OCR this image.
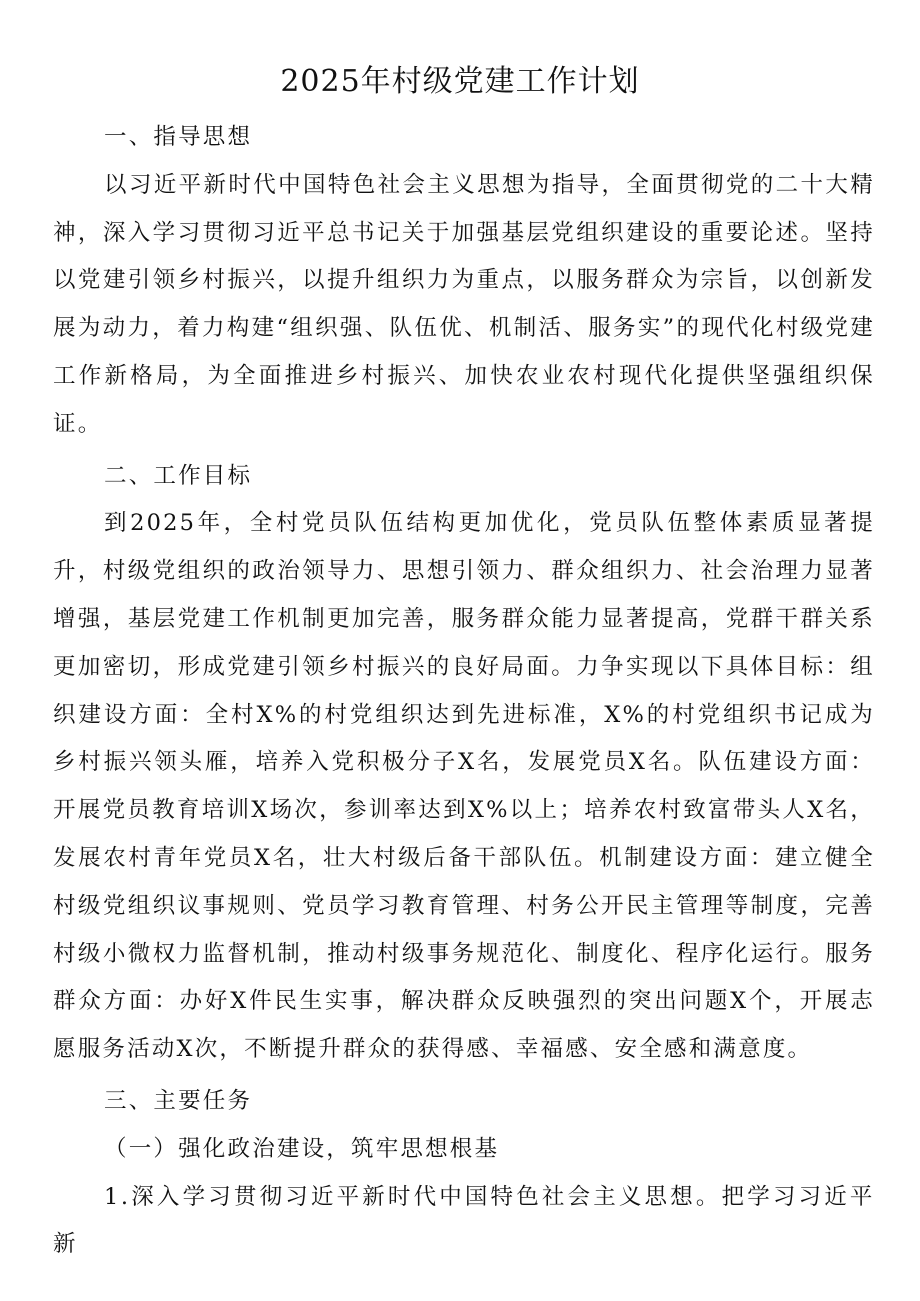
2025年村级党建工作计划

一、指导思想

以习近平新时代中国特色社会主义思想为指导，全面贯彻党的二十大精神，深入学习贯彻习近平总书记关于加强基层党组织建设的重要论述。坚持以党建引领乡村振兴，以提升组织力为重点，以服务群众为宗旨，以创新发展为动力，着力构建“组织强、队伍优、机制活、服务实”的现代化村级党建工作新格局，为全面推进乡村振兴、加快农业农村现代化提供坚强组织保证。

二、工作目标

到2025年，全村党员队伍结构更加优化，党员队伍整体素质显著提升，村级党组织的政治领导力、思想引领力、群众组织力、社会治理力显著增强，基层党建工作机制更加完善，服务群众能力显著提高，党群干群关系更加密切，形成党建引领乡村振兴的良好局面。力争实现以下具体目标：组织建设方面：全村X%的村党组织达到先进标准，X%的村党组织书记成为乡村振兴领头雁，培养入党积极分子X名，发展党员X名。队伍建设方面：开展党员教育培训X场次，参训率达到X%以上；培养农村致富带头人X名，发展农村青年党员X名，壮大村级后备干部队伍。机制建设方面：建立健全村级党组织议事规则、党员学习教育管理、村务公开民主管理等制度，完善村级小微权力监督机制，推动村级事务规范化、制度化、程序化运行。服务群众方面：办好X件民生实事，解决群众反映强烈的突出问题X个，开展志愿服务活动X次，不断提升群众的获得感、幸福感、安全感和满意度。

三、主要任务

（一）强化政治建设，筑牢思想根基

1.深入学习贯彻习近平新时代中国特色社会主义思想。把学习习近平新
